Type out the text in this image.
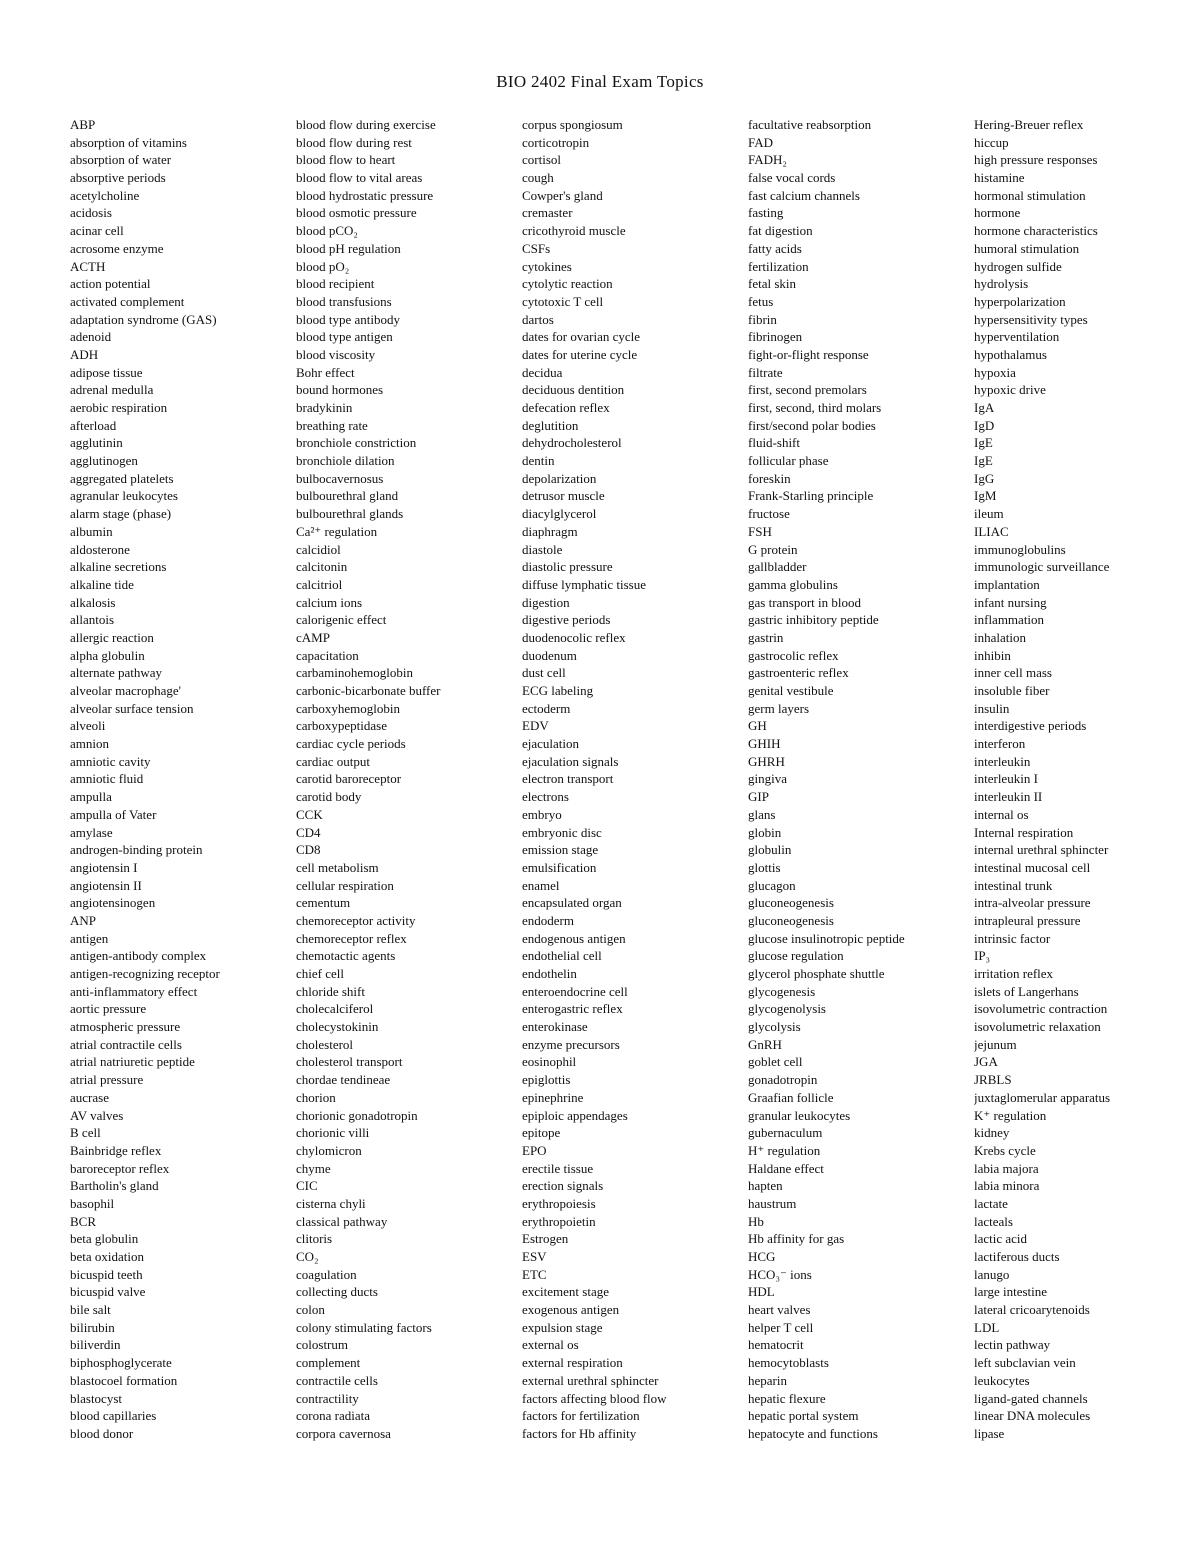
BIO 2402 Final Exam Topics
ABP
absorption of vitamins
absorption of water
absorptive periods
acetylcholine
acidosis
acinar cell
acrosome enzyme
ACTH
action potential
activated complement
adaptation syndrome (GAS)
adenoid
ADH
adipose tissue
adrenal medulla
aerobic respiration
afterload
agglutinin
agglutinogen
aggregated platelets
agranular leukocytes
alarm stage (phase)
albumin
aldosterone
alkaline secretions
alkaline tide
alkalosis
allantois
allergic reaction
alpha globulin
alternate pathway
alveolar macrophage'
alveolar surface tension
alveoli
amnion
amniotic cavity
amniotic fluid
ampulla
ampulla of Vater
amylase
androgen-binding protein
angiotensin I
angiotensin II
angiotensinogen
ANP
antigen
antigen-antibody complex
antigen-recognizing receptor
anti-inflammatory effect
aortic pressure
atmospheric pressure
atrial contractile cells
atrial natriuretic peptide
atrial pressure
aucrase
AV valves
B cell
Bainbridge reflex
baroreceptor reflex
Bartholin's gland
basophil
BCR
beta globulin
beta oxidation
bicuspid teeth
bicuspid valve
bile salt
bilirubin
biliverdin
biphosphoglycerate
blastocoel formation
blastocyst
blood capillaries
blood donor
blood flow during exercise
blood flow during rest
blood flow to heart
blood flow to vital areas
blood hydrostatic pressure
blood osmotic pressure
blood pCO₂
blood pH regulation
blood pO₂
blood recipient
blood transfusions
blood type antibody
blood type antigen
blood viscosity
Bohr effect
bound hormones
bradykinin
breathing rate
bronchiole constriction
bronchiole dilation
bulbocavernosus
bulbourethral gland
bulbourethral glands
Ca²⁺ regulation
calcidiol
calcitonin
calcitriol
calcium ions
calorigenic effect
cAMP
capacitation
carbaminohemoglobin
carbonic-bicarbonate buffer
carboxyhemoglobin
carboxypeptidase
cardiac cycle periods
cardiac output
carotid baroreceptor
carotid body
CCK
CD4
CD8
cell metabolism
cellular respiration
cementum
chemoreceptor activity
chemoreceptor reflex
chemotactic agents
chief cell
chloride shift
cholecalciferol
cholecystokinin
cholesterol
cholesterol transport
chordae tendineae
chorion
chorionic gonadotropin
chorionic villi
chylomicron
chyme
CIC
cisterna chyli
classical pathway
clitoris
CO₂
coagulation
collecting ducts
colon
colony stimulating factors
colostrum
complement
contractile cells
contractility
corona radiata
corpora cavernosa
corpus spongiosum
corticotropin
cortisol
cough
Cowper's gland
cremaster
cricothyroid muscle
CSFs
cytokines
cytolytic reaction
cytotoxic T cell
dartos
dates for ovarian cycle
dates for uterine cycle
decidua
deciduous dentition
defecation reflex
deglutition
dehydrocholesterol
dentin
depolarization
detrusor muscle
diacylglycerol
diaphragm
diastole
diastolic pressure
diffuse lymphatic tissue
digestion
digestive periods
duodenocolic reflex
duodenum
dust cell
ECG labeling
ectoderm
EDV
ejaculation
ejaculation signals
electron transport
electrons
embryo
embryonic disc
emission stage
emulsification
enamel
encapsulated organ
endoderm
endogenous antigen
endothelial cell
endothelin
enteroendocrine cell
enterogastric reflex
enterokinase
enzyme precursors
eosinophil
epiglottis
epinephrine
epiploic appendages
epitope
EPO
erectile tissue
erection signals
erythropoiesis
erythropoietin
Estrogen
ESV
ETC
excitement stage
exogenous antigen
expulsion stage
external os
external respiration
external urethral sphincter
factors affecting blood flow
factors for fertilization
factors for Hb affinity
facultative reabsorption
FAD
FADH₂
false vocal cords
fast calcium channels
fasting
fat digestion
fatty acids
fertilization
fetal skin
fetus
fibrin
fibrinogen
fight-or-flight response
filtrate
first, second premolars
first, second, third molars
first/second polar bodies
fluid-shift
follicular phase
foreskin
Frank-Starling principle
fructose
FSH
G protein
gallbladder
gamma globulins
gas transport in blood
gastric inhibitory peptide
gastrin
gastrocolic reflex
gastroenteric reflex
genital vestibule
germ layers
GH
GHIH
GHRH
gingiva
GIP
glans
globin
globulin
glottis
glucagon
gluconeogenesis
gluconeogenesis
glucose insulinotropic peptide
glucose regulation
glycerol phosphate shuttle
glycogenesis
glycogenolysis
glycolysis
GnRH
goblet cell
gonadotropin
Graafian follicle
granular leukocytes
gubernaculum
H⁺ regulation
Haldane effect
hapten
haustrum
Hb
Hb affinity for gas
HCG
HCO₃⁻ ions
HDL
heart valves
helper T cell
hematocrit
hemocytoblasts
heparin
hepatic flexure
hepatic portal system
hepatocyte and functions
Hering-Breuer reflex
hiccup
high pressure responses
histamine
hormonal stimulation
hormone
hormone characteristics
humoral stimulation
hydrogen sulfide
hydrolysis
hyperpolarization
hypersensitivity types
hyperventilation
hypothalamus
hypoxia
hypoxic drive
IgA
IgD
IgE
IgE
IgG
IgM
ileum
ILIAC
immunoglobulins
immunologic surveillance
implantation
infant nursing
inflammation
inhalation
inhibin
inner cell mass
insoluble fiber
insulin
interdigestive periods
interferon
interleukin
interleukin I
interleukin II
internal os
Internal respiration
internal urethral sphincter
intestinal mucosal cell
intestinal trunk
intra-alveolar pressure
intrapleural pressure
intrinsic factor
IP₃
irritation reflex
islets of Langerhans
isovolumetric contraction
isovolumetric relaxation
jejunum
JGA
JRBLS
juxtaglomerular apparatus
K⁺ regulation
kidney
Krebs cycle
labia majora
labia minora
lactate
lacteals
lactic acid
lactiferous ducts
lanugo
large intestine
lateral cricoarytenoids
LDL
lectin pathway
left subclavian vein
leukocytes
ligand-gated channels
linear DNA molecules
lipase
